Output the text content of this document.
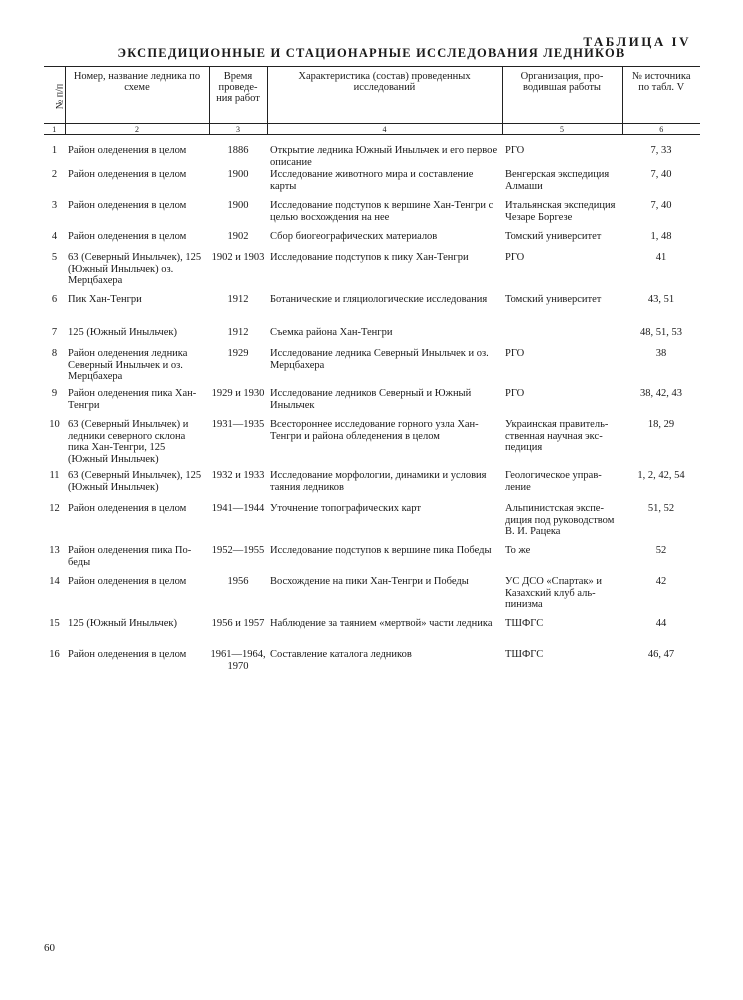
ТАБЛИЦА IV
ЭКСПЕДИЦИОННЫЕ И СТАЦИОНАРНЫЕ ИССЛЕДОВАНИЯ ЛЕДНИКОВ
№ п/п	Номер, название ледника по схеме	Время проведения работ	Характеристика (состав) проведенных исследований	Организация, проводившая работы	№ источника по табл. V
1	2	3	4	5	6
1	Район оледенения в целом	1886	Открытие ледника Южный Иныльчек и его первое описание	РГО	7, 33
2	Район оледенения в целом	1900	Исследование животного мира и составление карты	Венгерская экспедиция Алмаши	7, 40
3	Район оледенения в целом	1900	Исследование подступов к вершине Хан-Тенгри с целью восхождения на нее	Итальянская экспедиция Чезаре Боргезе	7, 40
4	Район оледенения в целом	1902	Сбор биогеографических материалов	Томский университет	1, 48
5	63 (Северный Иныльчек), 125 (Южный Иныльчек) оз. Мерцбахера	1902 и 1903	Исследование подступов к пику Хан-Тенгри	РГО	41
6	Пик Хан-Тенгри	1912	Ботанические и гляциологические исследования	Томский университет	43, 51
7	125 (Южный Иныльчек)	1912	Съемка района Хан-Тенгри		48, 51, 53
8	Район оледенения ледника Северный Иныльчек и оз. Мерцбахера	1929	Исследование ледника Северный Иныльчек и оз. Мерцбахера	РГО	38
9	Район оледенения пика Хан-Тенгри	1929 и 1930	Исследование ледников Северный и Южный Иныльчек	РГО	38, 42, 43
10	63 (Северный Иныльчек) и ледники северного склона пика Хан-Тенгри, 125 (Южный Иныльчек)	1931—1935	Всестороннее исследование горного узла Хан-Тенгри и района обледенения в целом	Украинская правительственная научная экспедиция	18, 29
11	63 (Северный Иныльчек), 125 (Южный Иныльчек)	1932 и 1933	Исследование морфологии, динамики и условия таяния ледников	Геологическое управление	1, 2, 42, 54
12	Район оледенения в целом	1941—1944	Уточнение топографических карт	Альпинистская экспедиция под руководством В. И. Рацека	51, 52
13	Район оледенения пика Победы	1952—1955	Исследование подступов к вершине пика Победы	То же	52
14	Район оледенения в целом	1956	Восхождение на пики Хан-Тенгри и Победы	УС ДСО «Спартак» и Казахский клуб альпинизма	42
15	125 (Южный Иныльчек)	1956 и 1957	Наблюдение за таянием «мертвой» части ледника	ТШФГС	44
16	Район оледенения в целом	1961—1964, 1970	Составление каталога ледников	ТШФГС	46, 47
60
